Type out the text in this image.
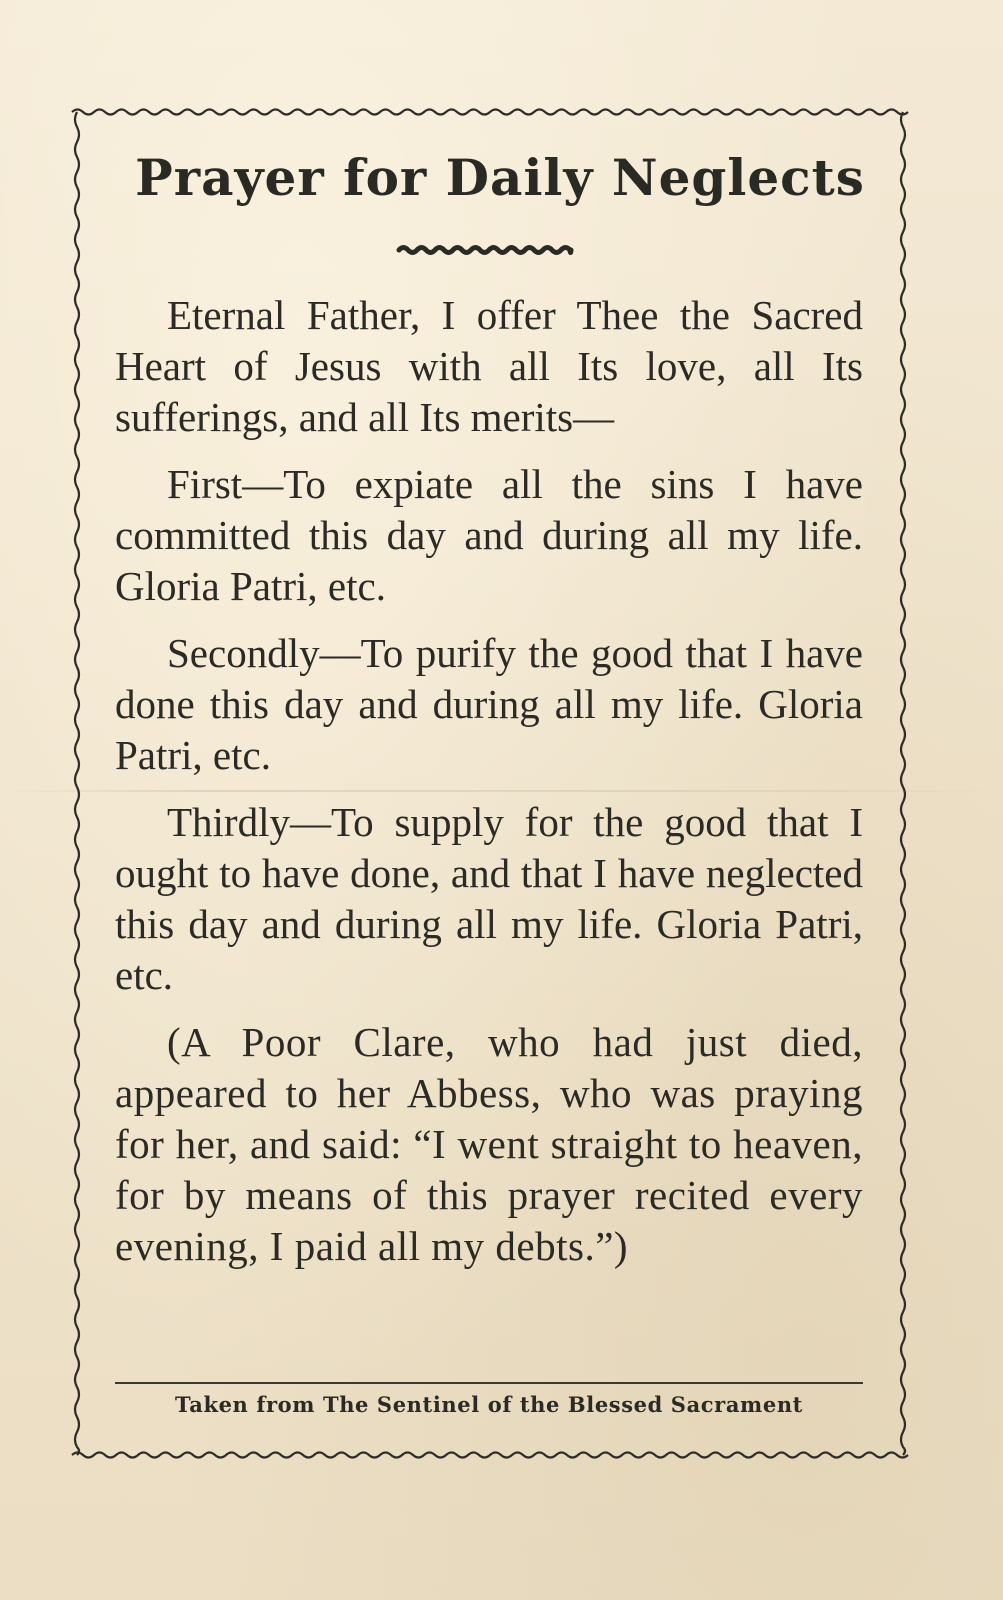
Prayer for Daily Neglects

Eternal Father, I offer Thee the Sacred Heart of Jesus with all Its love, all Its sufferings, and all Its merits—

First—To expiate all the sins I have committed this day and during all my life. Gloria Patri, etc.

Secondly—To purify the good that I have done this day and during all my life. Gloria Patri, etc.

Thirdly—To supply for the good that I ought to have done, and that I have neglected this day and during all my life. Gloria Patri, etc.

(A Poor Clare, who had just died, appeared to her Abbess, who was praying for her, and said: “I went straight to heaven, for by means of this prayer recited every evening, I paid all my debts.”)

Taken from The Sentinel of the Blessed Sacrament
